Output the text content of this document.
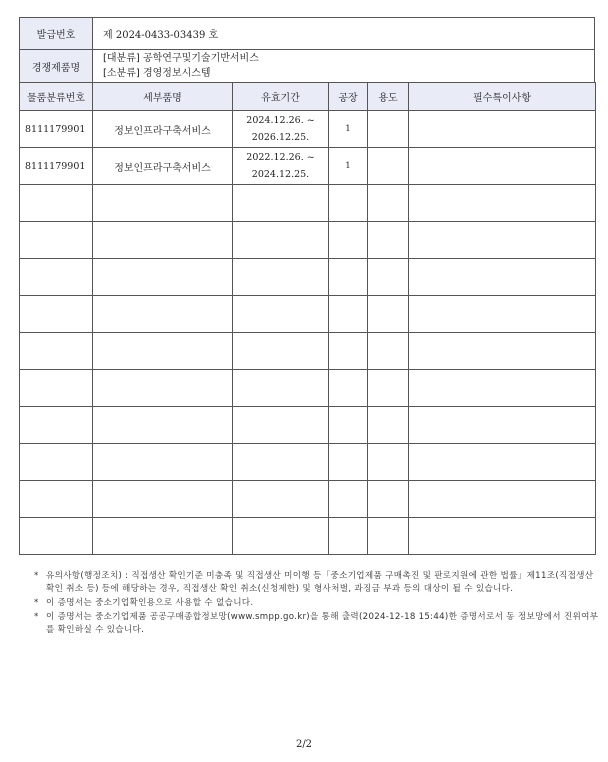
발급번호	제 2024-0433-03439 호
경쟁제품명	[대분류] 공학연구및기술기반서비스
[소분류] 경영정보시스템
물품분류번호	세부품명	유효기간	공장	용도	필수특이사항
8111179901	정보인프라구축서비스	2024.12.26. ~
2026.12.25.	1		
8111179901	정보인프라구축서비스	2022.12.26. ~
2024.12.25.	1		

* 유의사항(행정조치) : 직접생산 확인기준 미충족 및 직접생산 미이행 등「중소기업제품 구매촉진 및 판로지원에 관한 법률」제11조(직접생산 확인 취소 등) 등에 해당하는 경우, 직접생산 확인 취소(신청제한) 및 형사처벌, 과징금 부과 등의 대상이 될 수 있습니다.
* 이 증명서는 중소기업확인용으로 사용할 수 없습니다.
* 이 증명서는 중소기업제품 공공구매종합정보망(www.smpp.go.kr)을 통해 출력(2024-12-18 15:44)한 증명서로서 동 정보망에서 진위여부를 확인하실 수 있습니다.
2/2
